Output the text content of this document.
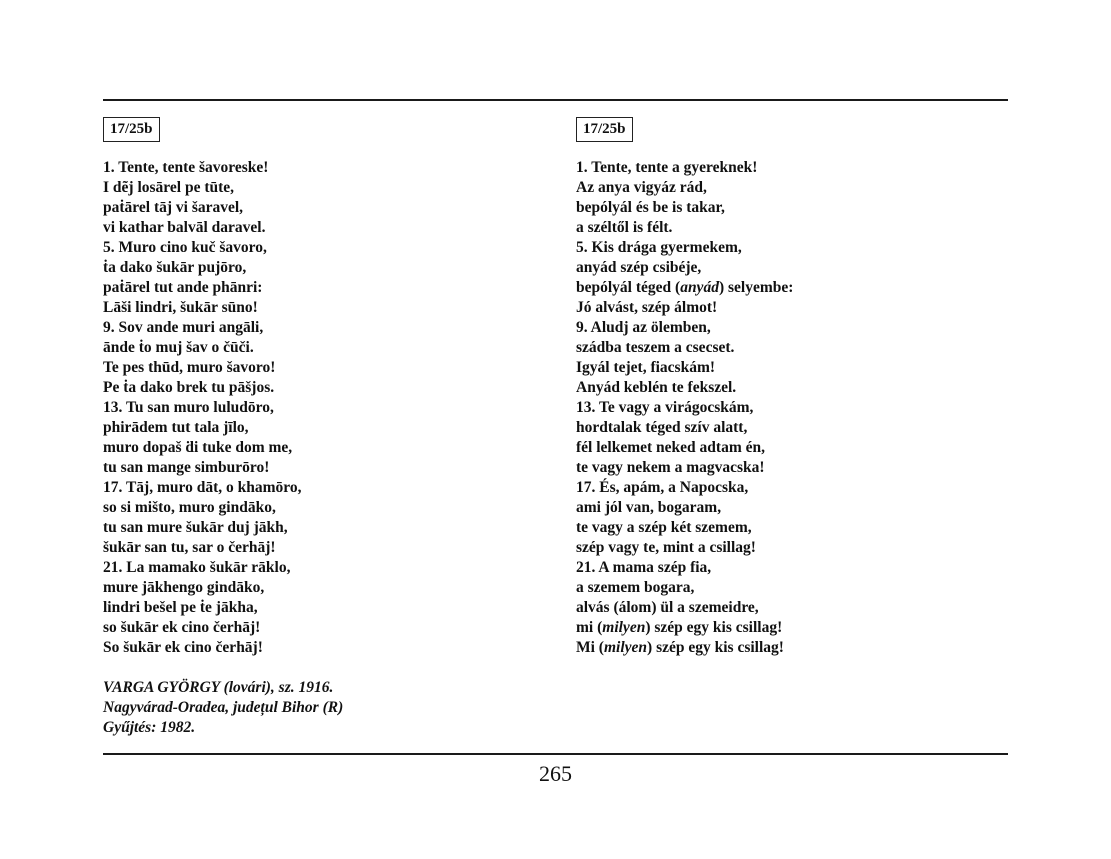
17/25b
1. Tente, tente šavoreske!
I dẽj losārel pe tūte,
paṫārel tāj vi šaravel,
vi kathar balvāl daravel.
5. Muro cino kuč šavoro,
ṫa dako šukār pujōro,
paṫārel tut ande phānri:
Lāši lindri, šukār sūno!
9. Sov ande muri angāli,
ānde ṫo muj šav o čūči.
Te pes thūd, muro šavoro!
Pe ṫa dako brek tu pāšjos.
13. Tu san muro luludōro,
phirādem tut tala jīlo,
muro dopaš ḋi tuke dom me,
tu san mange simburōro!
17. Tāj, muro dāt, o khamōro,
so si mišto, muro gindāko,
tu san mure šukār duj jākh,
šukār san tu, sar o čerhāj!
21. La mamako šukār rāklo,
mure jākhengo gindāko,
lindri bešel pe ṫe jākha,
so šukār ek cino čerhāj!
So šukār ek cino čerhāj!
VARGA GYÖRGY (lovári), sz. 1916.
Nagyvárad-Oradea, județul Bihor (R)
Gyűjtés: 1982.
17/25b
1. Tente, tente a gyereknek!
Az anya vigyáz rád,
bepólyál és be is takar,
a széltől is félt.
5. Kis drága gyermekem,
anyád szép csibéje,
bepólyál téged (anyád) selyembe:
Jó alvást, szép álmot!
9. Aludj az ölemben,
szádba teszem a csecset.
Igyál tejet, fiacskám!
Anyád keblén te fekszel.
13. Te vagy a virágocskám,
hordtalak téged szív alatt,
fél lelkemet neked adtam én,
te vagy nekem a magvacska!
17. És, apám, a Napocska,
ami jól van, bogaram,
te vagy a szép két szemem,
szép vagy te, mint a csillag!
21. A mama szép fia,
a szemem bogara,
alvás (álom) ül a szemeidre,
mi (milyen) szép egy kis csillag!
Mi (milyen) szép egy kis csillag!
265
